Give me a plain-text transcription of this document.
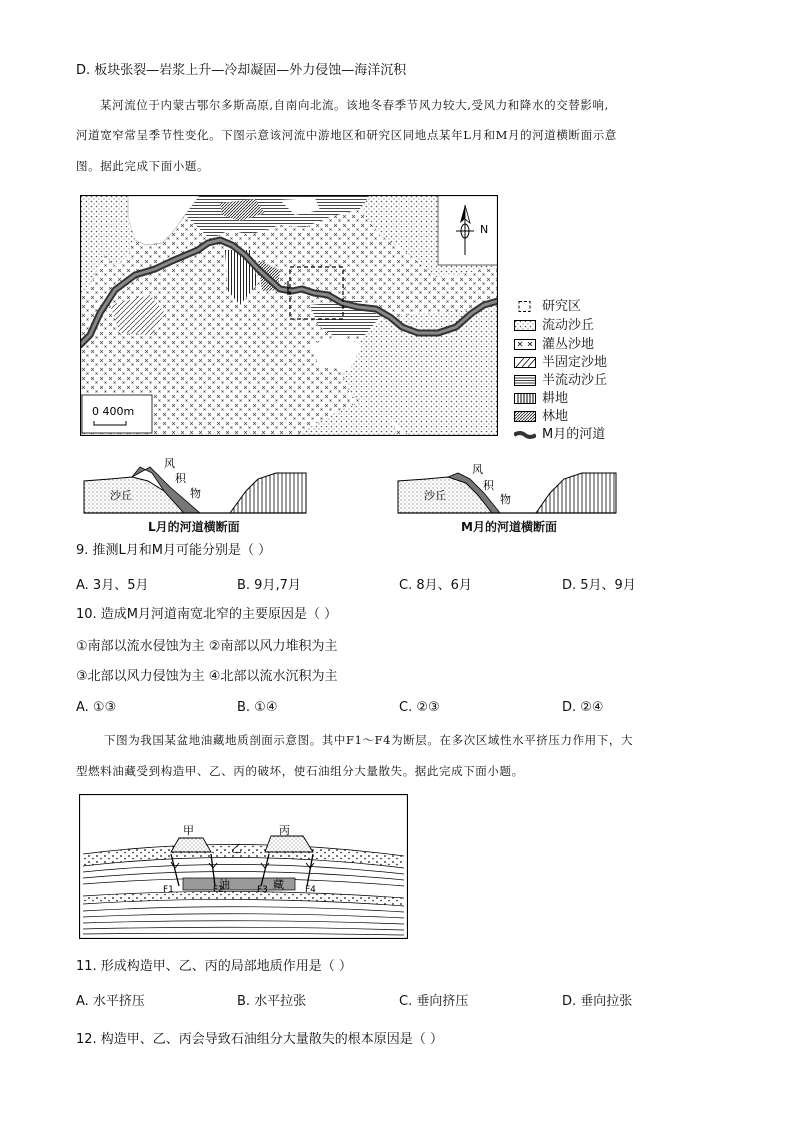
D. 板块张裂—岩浆上升—冷却凝固—外力侵蚀—海洋沉积
某河流位于内蒙古鄂尔多斯高原,自南向北流。该地冬春季节风力较大,受风力和降水的交替影响,
河道宽窄常呈季节性变化。下图示意该河流中游地区和研究区同地点某年L月和M月的河道横断面示意
图。据此完成下面小题。
N
0 400m
研究区
流动沙丘
灌丛沙地
半固定沙地
半流动沙丘
耕地
林地
M月的河道
沙丘
风
积
物
L月的河道横断面
沙丘
风
积
物
M月的河道横断面
9. 推测L月和M月可能分别是（ ）
A. 3月、5月	B. 9月,7月	C. 8月、6月	D. 5月、9月
10. 造成M月河道南宽北窄的主要原因是（ ）
①南部以流水侵蚀为主 ②南部以风力堆积为主
③北部以风力侵蚀为主 ④北部以流水沉积为主
A. ①③	B. ①④	C. ②③	D. ②④
下图为我国某盆地油藏地质剖面示意图。其中F1～F4为断层。在多次区域性水平挤压力作用下，大
型燃料油藏受到构造甲、乙、丙的破坏，使石油组分大量散失。据此完成下面小题。
甲
乙
丙
油	藏
F1	F2	F3	F4
11. 形成构造甲、乙、丙的局部地质作用是（ ）
A. 水平挤压	B. 水平拉张	C. 垂向挤压	D. 垂向拉张
12. 构造甲、乙、丙会导致石油组分大量散失的根本原因是（ ）
